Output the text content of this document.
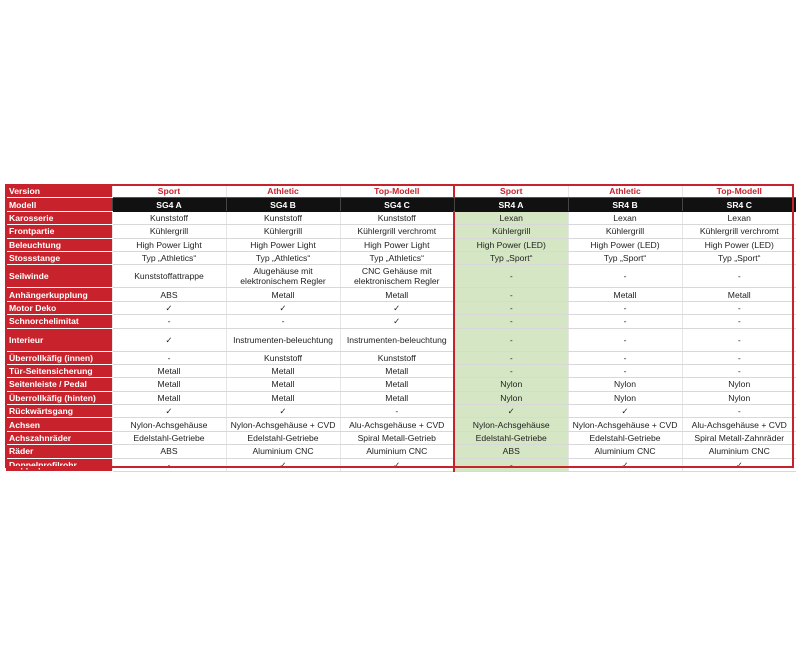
Version	Sport	Athletic	Top-Modell	Sport	Athletic	Top-Modell
Modell	SG4 A	SG4 B	SG4 C	SR4 A	SR4 B	SR4 C
Karosserie	Kunststoff	Kunststoff	Kunststoff	Lexan	Lexan	Lexan
Frontpartie	Kühlergrill	Kühlergrill	Kühlergrill verchromt	Kühlergrill	Kühlergrill	Kühlergrill verchromt
Beleuchtung	High Power Light	High Power Light	High Power Light	High Power (LED)	High Power (LED)	High Power (LED)
Stossstange	Typ „Athletics“	Typ „Athletics“	Typ „Athletics“	Typ „Sport“	Typ „Sport“	Typ „Sport“
Seilwinde	Kunststoffattrappe	Alugehäuse mit elektronischem Regler	CNC Gehäuse mit elektronischem Regler	-	-	-
Anhängerkupplung	ABS	Metall	Metall	-	Metall	Metall
Motor Deko	✓	✓	✓	-	-	-
Schnorchelimitat	-	-	✓	-	-	-
Interieur	✓	Instrumenten-beleuchtung	Instrumenten-beleuchtung	-	-	-
Überrollkäfig (innen)	-	Kunststoff	Kunststoff	-	-	-
Tür-Seitensicherung	Metall	Metall	Metall	-	-	-
Seitenleiste / Pedal	Metall	Metall	Metall	Nylon	Nylon	Nylon
Überrollkäfig (hinten)	Metall	Metall	Metall	Nylon	Nylon	Nylon
Rückwärtsgang	✓	✓	-	✓	✓	-
Achsen	Nylon-Achsgehäuse	Nylon-Achsgehäuse + CVD	Alu-Achsgehäuse + CVD	Nylon-Achsgehäuse	Nylon-Achsgehäuse + CVD	Alu-Achsgehäuse + CVD
Achszahnräder	Edelstahl-Getriebe	Edelstahl-Getriebe	Spiral Metall-Getrieb	Edelstahl-Getriebe	Edelstahl-Getriebe	Spiral Metall-Zahnräder
Räder	ABS	Aluminium CNC	Aluminium CNC	ABS	Aluminium CNC	Aluminium CNC
Doppelprofilrohr	-	✓	✓	-	✓	✓
